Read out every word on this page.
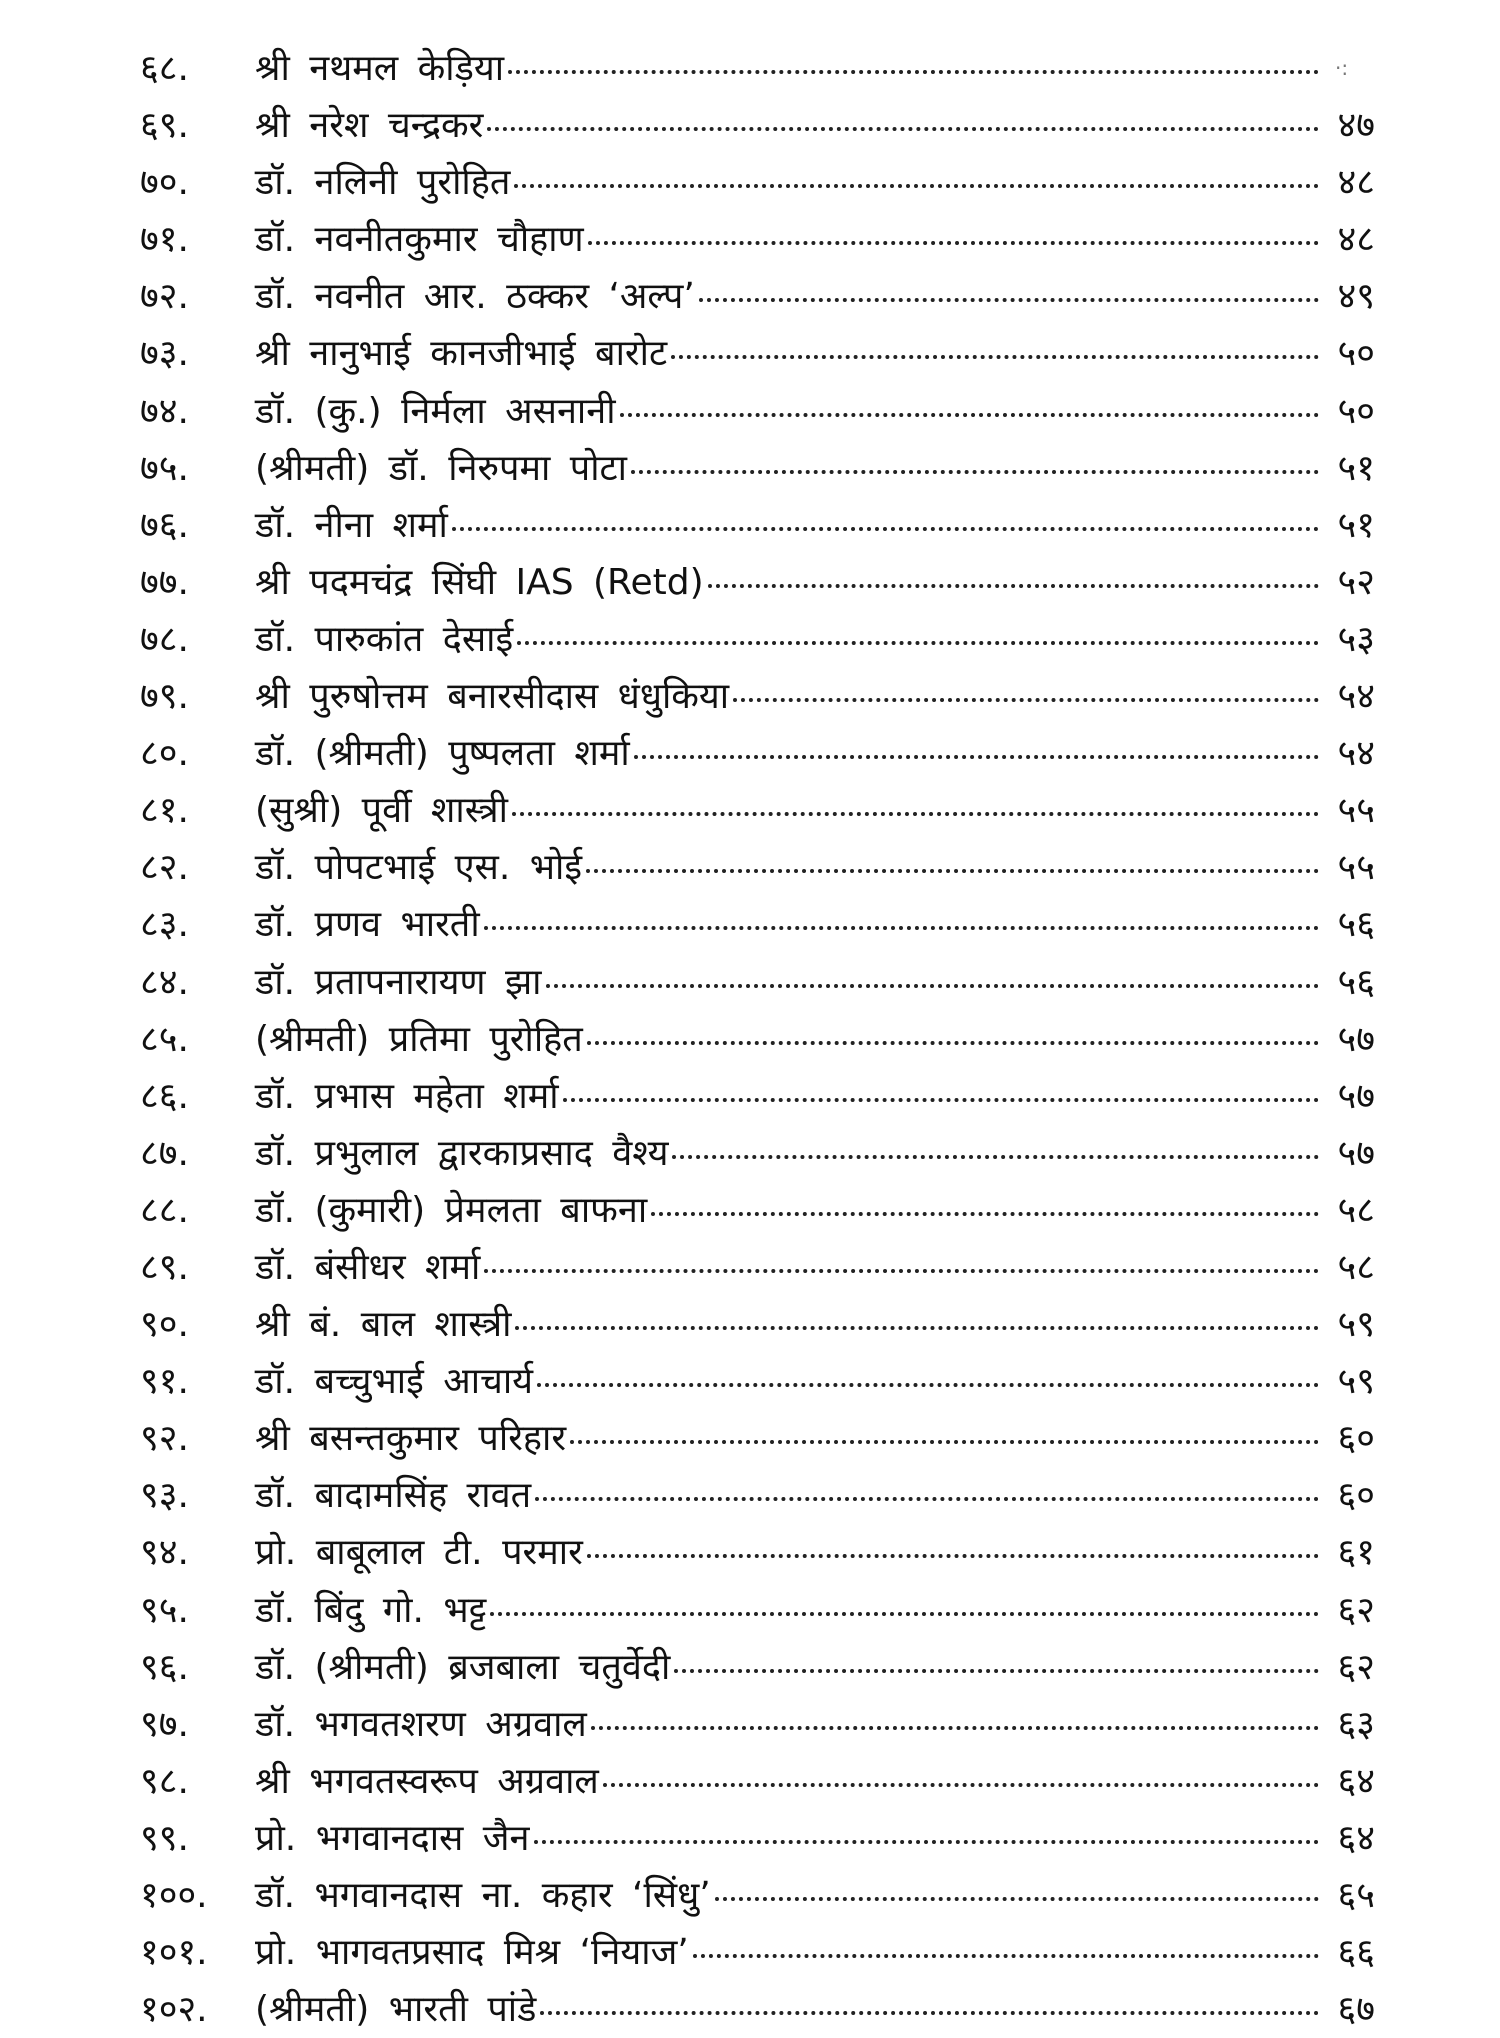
६८.	श्री नथमल केड़िया
६९.	श्री नरेश चन्द्रकर	४७
७०.	डॉ. नलिनी पुरोहित	४८
७१.	डॉ. नवनीतकुमार चौहाण	४८
७२.	डॉ. नवनीत आर. ठक्कर ‘अल्प’	४९
७३.	श्री नानुभाई कानजीभाई बारोट	५०
७४.	डॉ. (कु.) निर्मला असनानी	५०
७५.	(श्रीमती) डॉ. निरुपमा पोटा	५१
७६.	डॉ. नीना शर्मा	५१
७७.	श्री पदमचंद्र सिंघी IAS (Retd)	५२
७८.	डॉ. पारुकांत देसाई	५३
७९.	श्री पुरुषोत्तम बनारसीदास धंधुकिया	५४
८०.	डॉ. (श्रीमती) पुष्पलता शर्मा	५४
८१.	(सुश्री) पूर्वी शास्त्री	५५
८२.	डॉ. पोपटभाई एस. भोई	५५
८३.	डॉ. प्रणव भारती	५६
८४.	डॉ. प्रतापनारायण झा	५६
८५.	(श्रीमती) प्रतिमा पुरोहित	५७
८६.	डॉ. प्रभास महेता शर्मा	५७
८७.	डॉ. प्रभुलाल द्वारकाप्रसाद वैश्य	५७
८८.	डॉ. (कुमारी) प्रेमलता बाफना	५८
८९.	डॉ. बंसीधर शर्मा	५८
९०.	श्री बं. बाल शास्त्री	५९
९१.	डॉ. बच्चुभाई आचार्य	५९
९२.	श्री बसन्तकुमार परिहार	६०
९३.	डॉ. बादामसिंह रावत	६०
९४.	प्रो. बाबूलाल टी. परमार	६१
९५.	डॉ. बिंदु गो. भट्ट	६२
९६.	डॉ. (श्रीमती) ब्रजबाला चतुर्वेदी	६२
९७.	डॉ. भगवतशरण अग्रवाल	६३
९८.	श्री भगवतस्वरूप अग्रवाल	६४
९९.	प्रो. भगवानदास जैन	६४
१००.	डॉ. भगवानदास ना. कहार ‘सिंधु’	६५
१०१.	प्रो. भागवतप्रसाद मिश्र ‘नियाज’	६६
१०२.	(श्रीमती) भारती पांडे	६७
·:
